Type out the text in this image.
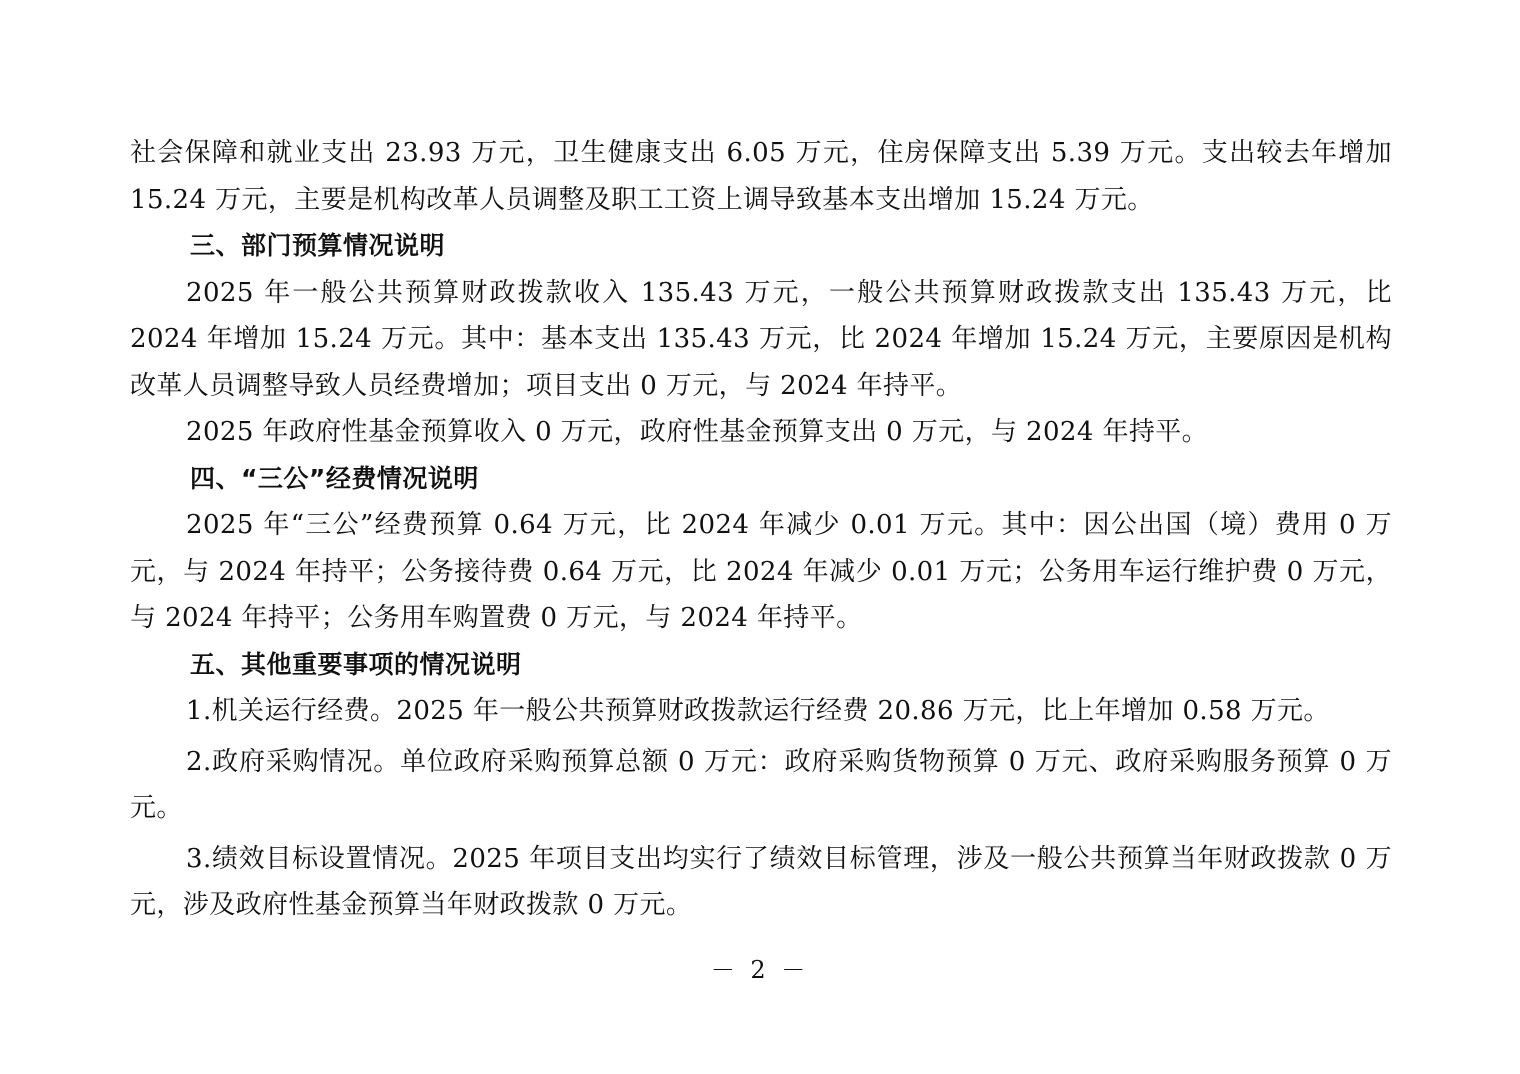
社会保障和就业支出 23.93 万元，卫生健康支出 6.05 万元，住房保障支出 5.39 万元。支出较去年增加 15.24 万元，主要是机构改革人员调整及职工工资上调导致基本支出增加 15.24 万元。

三、部门预算情况说明

2025 年一般公共预算财政拨款收入 135.43 万元，一般公共预算财政拨款支出 135.43 万元，比 2024 年增加 15.24 万元。其中：基本支出 135.43 万元，比 2024 年增加 15.24 万元，主要原因是机构改革人员调整导致人员经费增加；项目支出 0 万元，与 2024 年持平。

2025 年政府性基金预算收入 0 万元，政府性基金预算支出 0 万元，与 2024 年持平。

四、“三公”经费情况说明

2025 年“三公”经费预算 0.64 万元，比 2024 年减少 0.01 万元。其中：因公出国（境）费用 0 万元，与 2024 年持平；公务接待费 0.64 万元，比 2024 年减少 0.01 万元；公务用车运行维护费 0 万元，与 2024 年持平；公务用车购置费 0 万元，与 2024 年持平。

五、其他重要事项的情况说明

1.机关运行经费。2025 年一般公共预算财政拨款运行经费 20.86 万元，比上年增加 0.58 万元。

2.政府采购情况。单位政府采购预算总额 0 万元：政府采购货物预算 0 万元、政府采购服务预算 0 万元。

3.绩效目标设置情况。2025 年项目支出均实行了绩效目标管理，涉及一般公共预算当年财政拨款 0 万元，涉及政府性基金预算当年财政拨款 0 万元。

－ 2 －
